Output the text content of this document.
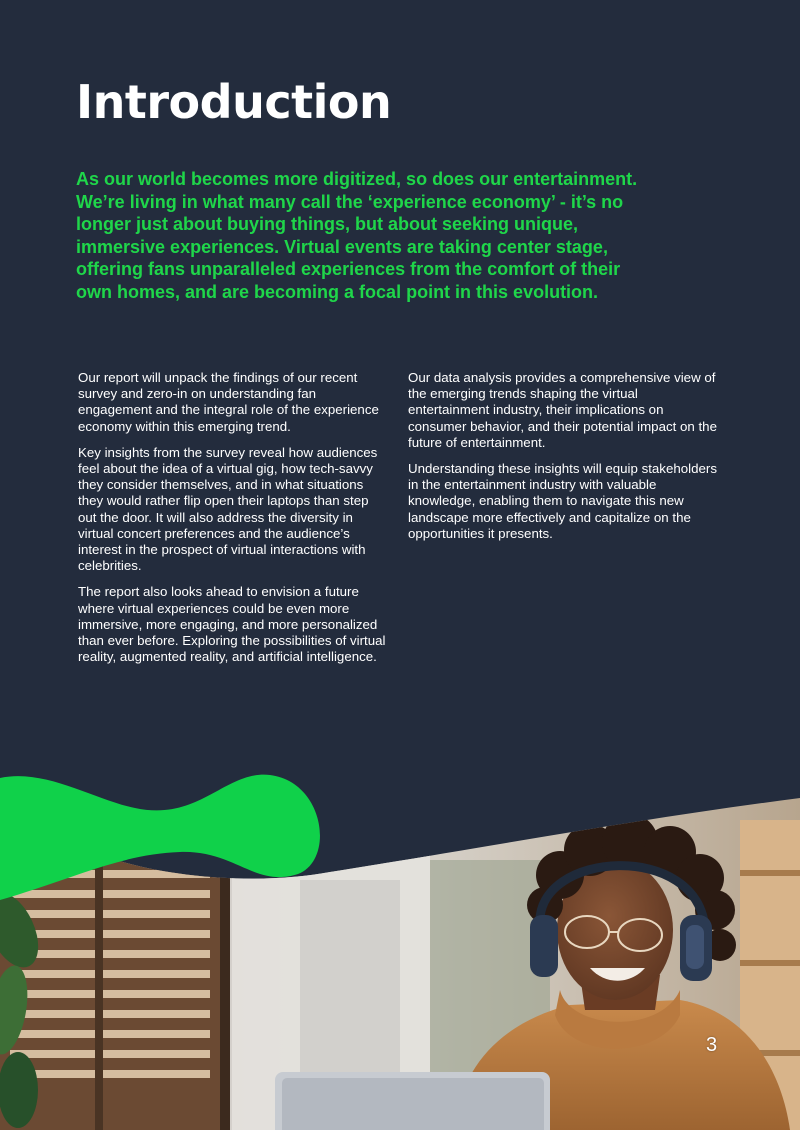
Introduction

As our world becomes more digitized, so does our entertainment. We’re living in what many call the ‘experience economy’ - it’s no longer just about buying things, but about seeking unique, immersive experiences. Virtual events are taking center stage, offering fans unparalleled experiences from the comfort of their own homes, and are becoming a focal point in this evolution.

Our report will unpack the findings of our recent survey and zero-in on understanding fan engagement and the integral role of the experience economy within this emerging trend.

Key insights from the survey reveal how audiences feel about the idea of a virtual gig, how tech-savvy they consider themselves, and in what situations they would rather flip open their laptops than step out the door. It will also address the diversity in virtual concert preferences and the audience’s interest in the prospect of virtual interactions with celebrities.

The report also looks ahead to envision a future where virtual experiences could be even more immersive, more engaging, and more personalized than ever before. Exploring the possibilities of virtual reality, augmented reality, and artificial intelligence.

Our data analysis provides a comprehensive view of the emerging trends shaping the virtual entertainment industry, their implications on consumer behavior, and their potential impact on the future of entertainment.

Understanding these insights will equip stakeholders in the entertainment industry with valuable knowledge, enabling them to navigate this new landscape more effectively and capitalize on the opportunities it presents.

3
